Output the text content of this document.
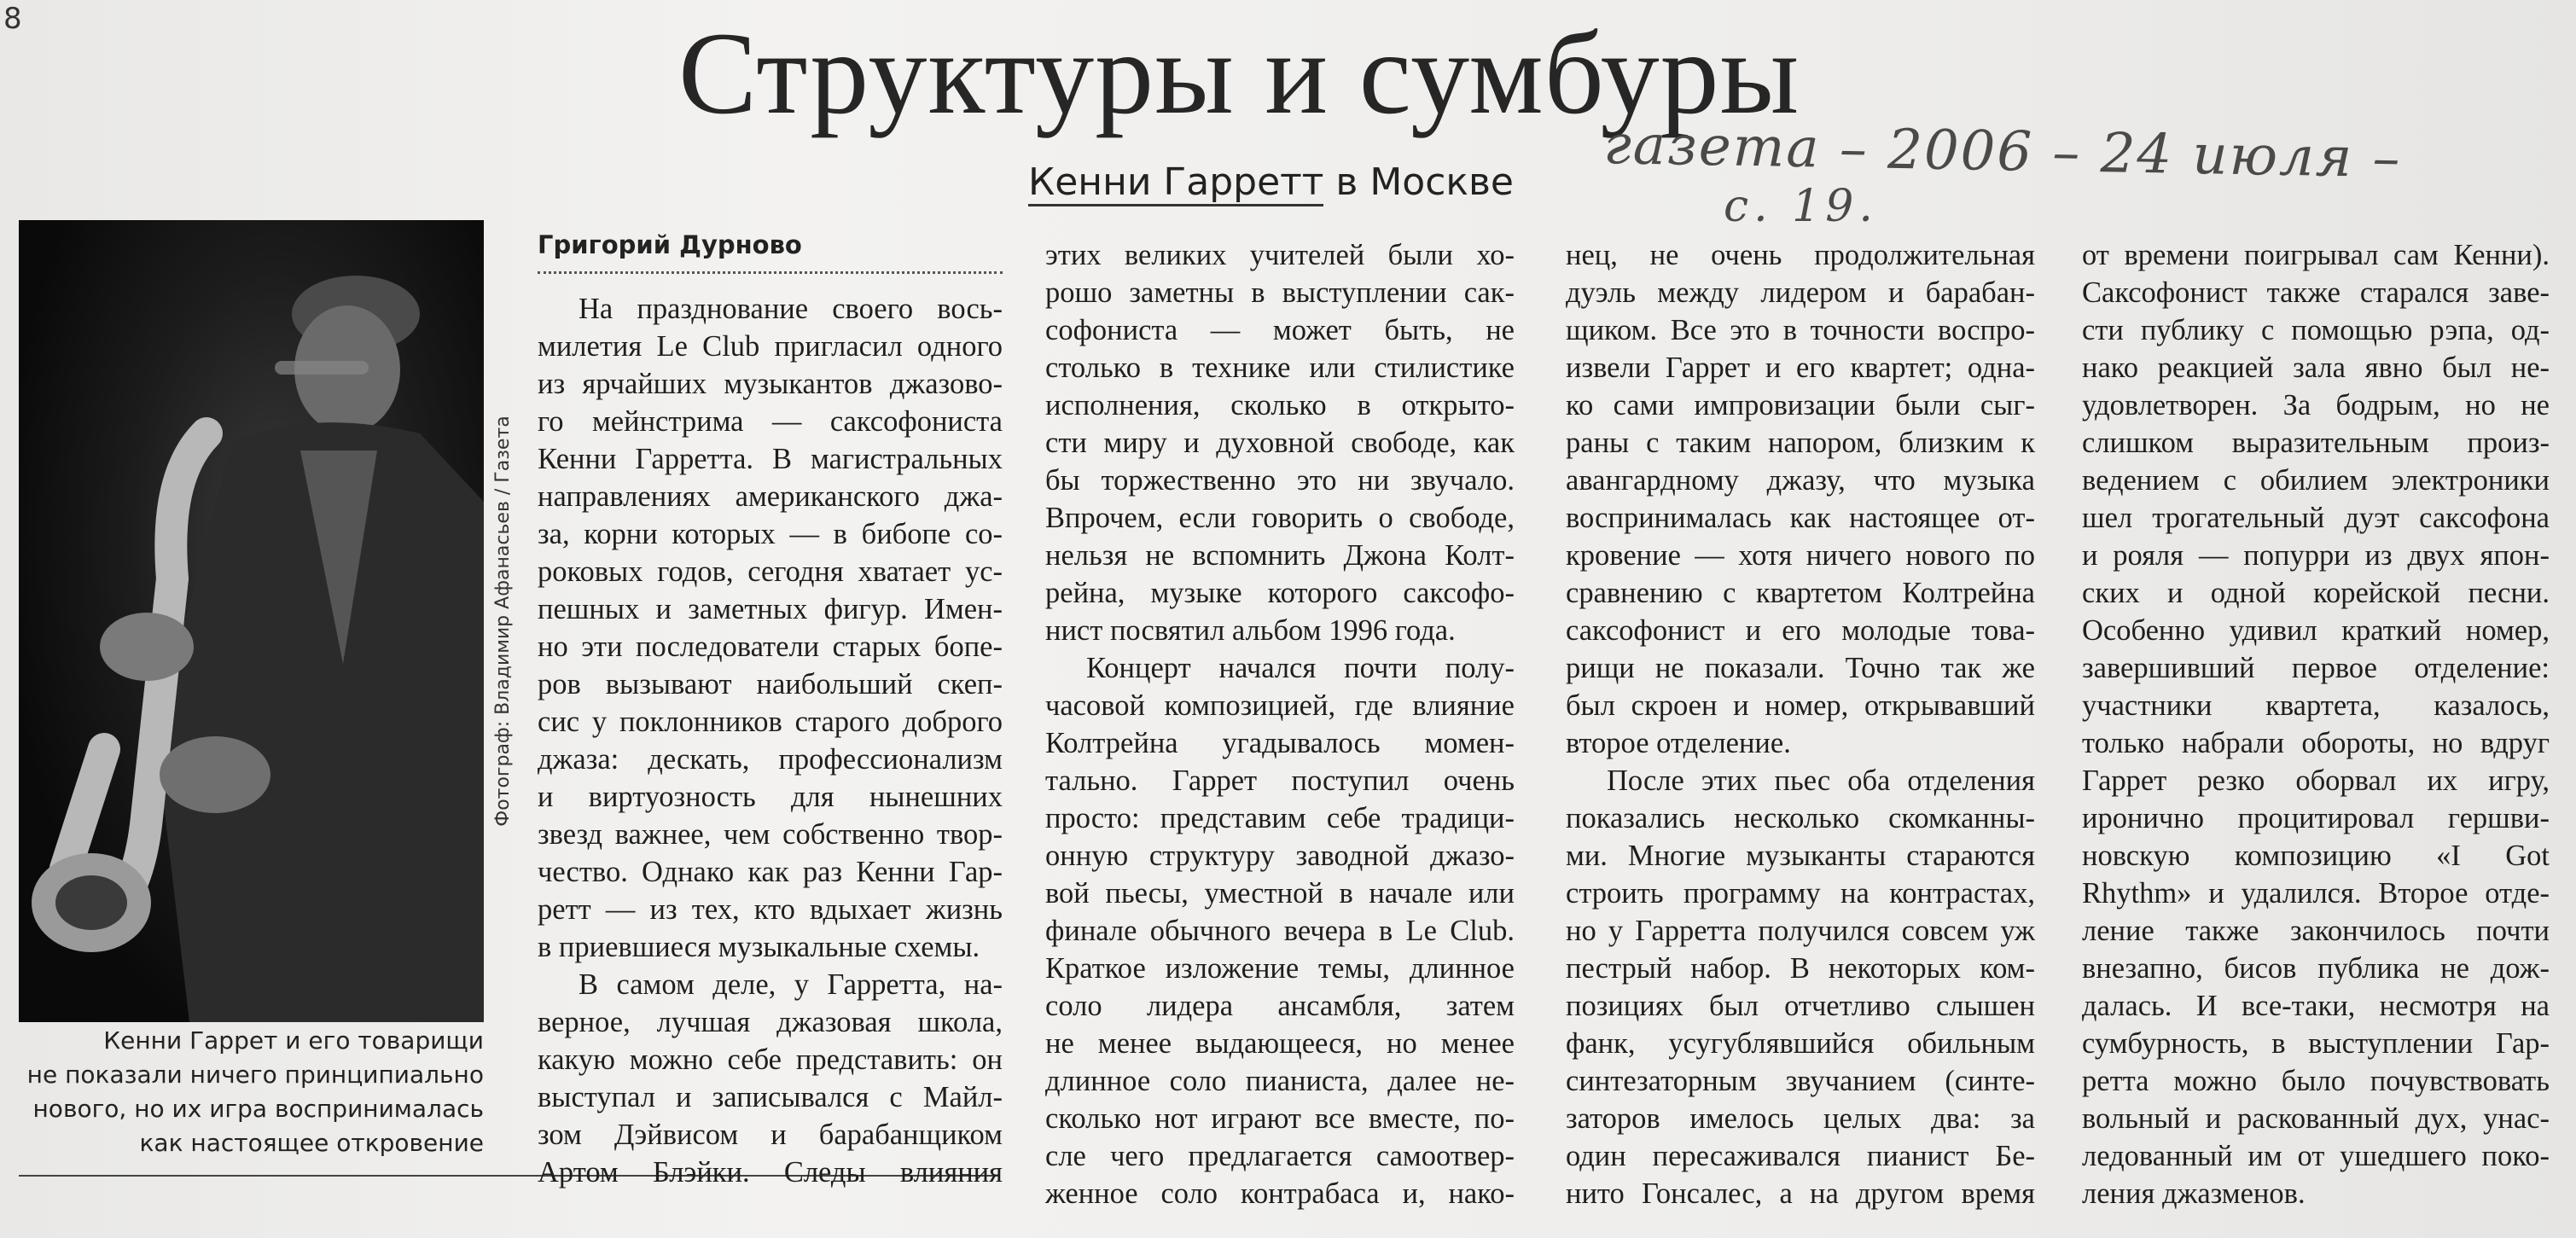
8	Структуры и сумбуры
Кенни Гарретт в Москве газета – 2006 – 24 июля –
с. 19.
Фотограф: Владимир Афанасьев / Газета
Кенни Гаррет и его товарищи
не показали ничего принципиально
нового, но их игра воспринималась
как настоящее откровение
Григорий Дурново
На празднование своего вось-
милетия Le Club пригласил одного
из ярчайших музыкантов джазово-
го мейнстрима — саксофониста
Кенни Гарретта. В магистральных
направлениях американского джа-
за, корни которых — в бибопе со-
роковых годов, сегодня хватает ус-
пешных и заметных фигур. Имен-
но эти последователи старых бопе-
ров вызывают наибольший скеп-
сис у поклонников старого доброго
джаза: дескать, профессионализм
и виртуозность для нынешних
звезд важнее, чем собственно твор-
чество. Однако как раз Кенни Гар-
ретт — из тех, кто вдыхает жизнь
в приевшиеся музыкальные схемы.
В самом деле, у Гарретта, на-
верное, лучшая джазовая школа,
какую можно себе представить: он
выступал и записывался с Майл-
зом Дэйвисом и барабанщиком
Артом Блэйки. Следы влияния
этих великих учителей были хо-
рошо заметны в выступлении сак-
софониста — может быть, не
столько в технике или стилистике
исполнения, сколько в открыто-
сти миру и духовной свободе, как
бы торжественно это ни звучало.
Впрочем, если говорить о свободе,
нельзя не вспомнить Джона Колт-
рейна, музыке которого саксофо-
нист посвятил альбом 1996 года.
Концерт начался почти полу-
часовой композицией, где влияние
Колтрейна угадывалось момен-
тально. Гаррет поступил очень
просто: представим себе традици-
онную структуру заводной джазо-
вой пьесы, уместной в начале или
финале обычного вечера в Le Club.
Краткое изложение темы, длинное
соло лидера ансамбля, затем
не менее выдающееся, но менее
длинное соло пианиста, далее не-
сколько нот играют все вместе, по-
сле чего предлагается самоотвер-
женное соло контрабаса и, нако-
нец, не очень продолжительная
дуэль между лидером и барабан-
щиком. Все это в точности воспро-
извели Гаррет и его квартет; одна-
ко сами импровизации были сыг-
раны с таким напором, близким к
авангардному джазу, что музыка
воспринималась как настоящее от-
кровение — хотя ничего нового по
сравнению с квартетом Колтрейна
саксофонист и его молодые това-
рищи не показали. Точно так же
был скроен и номер, открывавший
второе отделение.
После этих пьес оба отделения
показались несколько скомканны-
ми. Многие музыканты стараются
строить программу на контрастах,
но у Гарретта получился совсем уж
пестрый набор. В некоторых ком-
позициях был отчетливо слышен
фанк, усугублявшийся обильным
синтезаторным звучанием (синте-
заторов имелось целых два: за
один пересаживался пианист Бе-
нито Гонсалес, а на другом время
от времени поигрывал сам Кенни).
Саксофонист также старался заве-
сти публику с помощью рэпа, од-
нако реакцией зала явно был не-
удовлетворен. За бодрым, но не
слишком выразительным произ-
ведением с обилием электроники
шел трогательный дуэт саксофона
и рояля — попурри из двух япон-
ских и одной корейской песни.
Особенно удивил краткий номер,
завершивший первое отделение:
участники квартета, казалось,
только набрали обороты, но вдруг
Гаррет резко оборвал их игру,
иронично процитировал гершви-
новскую композицию «I Got
Rhythm» и удалился. Второе отде-
ление также закончилось почти
внезапно, бисов публика не дож-
далась. И все-таки, несмотря на
сумбурность, в выступлении Гар-
ретта можно было почувствовать
вольный и раскованный дух, унас-
ледованный им от ушедшего поко-
ления джазменов.
